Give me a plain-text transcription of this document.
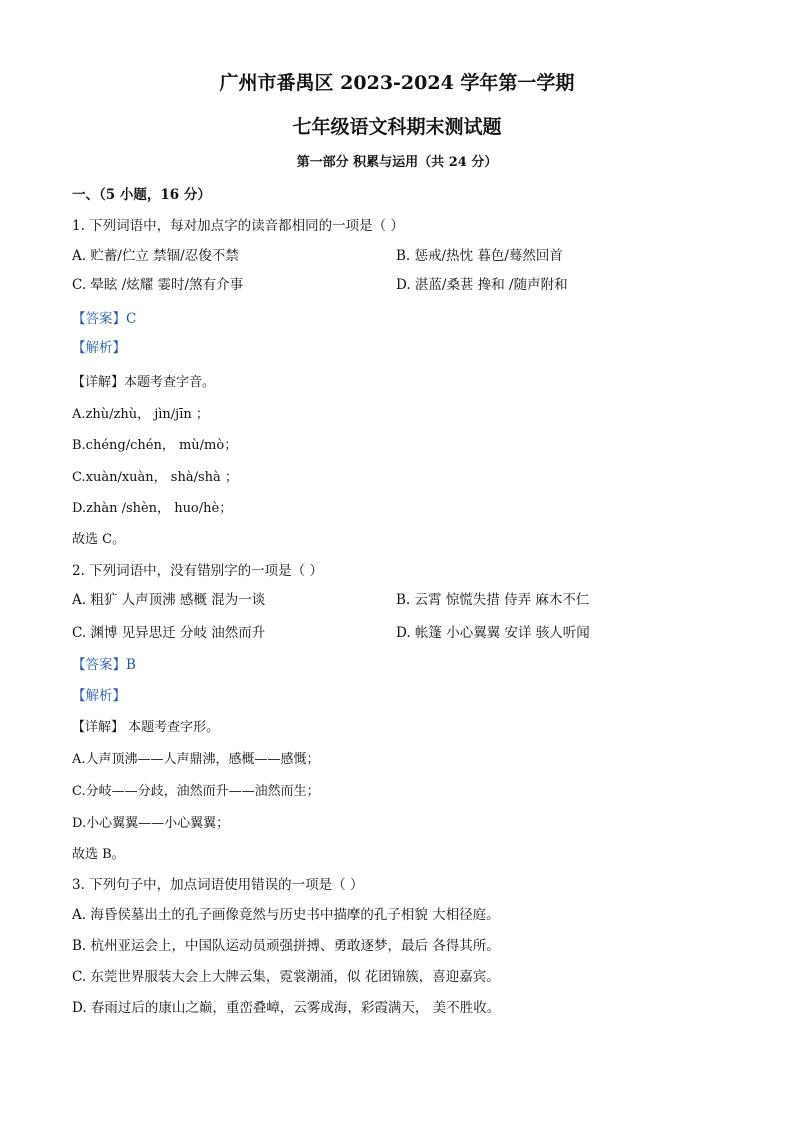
广州市番禺区 2023-2024 学年第一学期
七年级语文科期末测试题
第一部分 积累与运用（共 24 分）
一、（5 小题，16 分）
1. 下列词语中，每对加点字的读音都相同的一项是（ ）
A. 贮蓄/伫立 禁锢/忍俊不禁	B. 惩戒/热忱 暮色/蓦然回首
C. 晕眩 /炫耀 霎时/煞有介事	D. 湛蓝/桑葚 搀和 /随声附和
【答案】C
【解析】
【详解】本题考查字音。
A.zhù/zhù， jìn/jīn ；
B.chéng/chén， mù/mò；
C.xuàn/xuàn， shà/shà ；
D.zhàn /shèn， huo/hè；
故选 C。
2. 下列词语中，没有错别字的一项是（ ）
A. 粗犷 人声顶沸 感概 混为一谈	B. 云霄 惊慌失措 侍弄 麻木不仁
C. 渊博 见异思迁 分岐 油然而升	D. 帐篷 小心翼翼 安详 骇人听闻
【答案】B
【解析】
【详解】 本题考查字形。
A.人声顶沸——人声鼎沸，感概——感慨；
C.分岐——分歧，油然而升——油然而生；
D.小心翼翼——小心翼翼；
故选 B。
3. 下列句子中，加点词语使用错误的一项是（ ）
A. 海昏侯墓出土的孔子画像竟然与历史书中描摩的孔子相貌 大相径庭。
B. 杭州亚运会上，中国队运动员顽强拼搏、勇敢逐梦，最后 各得其所。
C. 东莞世界服装大会上大牌云集，霓裳潮涌，似 花团锦簇，喜迎嘉宾。
D. 春雨过后的康山之巅，重峦叠嶂，云雾成海，彩霞满天， 美不胜收。
